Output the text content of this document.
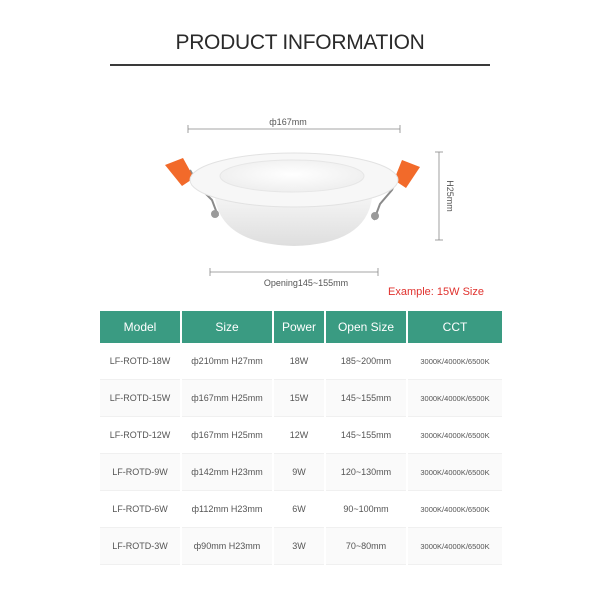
PRODUCT INFORMATION
ф167mm
H25mm
Opening145~155mm
Example: 15W Size
Model	Size	Power	Open Size	CCT
LF-ROTD-18W	ф210mm H27mm	18W	185~200mm	3000K/4000K/6500K
LF-ROTD-15W	ф167mm H25mm	15W	145~155mm	3000K/4000K/6500K
LF-ROTD-12W	ф167mm H25mm	12W	145~155mm	3000K/4000K/6500K
LF-ROTD-9W	ф142mm H23mm	9W	120~130mm	3000K/4000K/6500K
LF-ROTD-6W	ф112mm H23mm	6W	90~100mm	3000K/4000K/6500K
LF-ROTD-3W	ф90mm H23mm	3W	70~80mm	3000K/4000K/6500K
